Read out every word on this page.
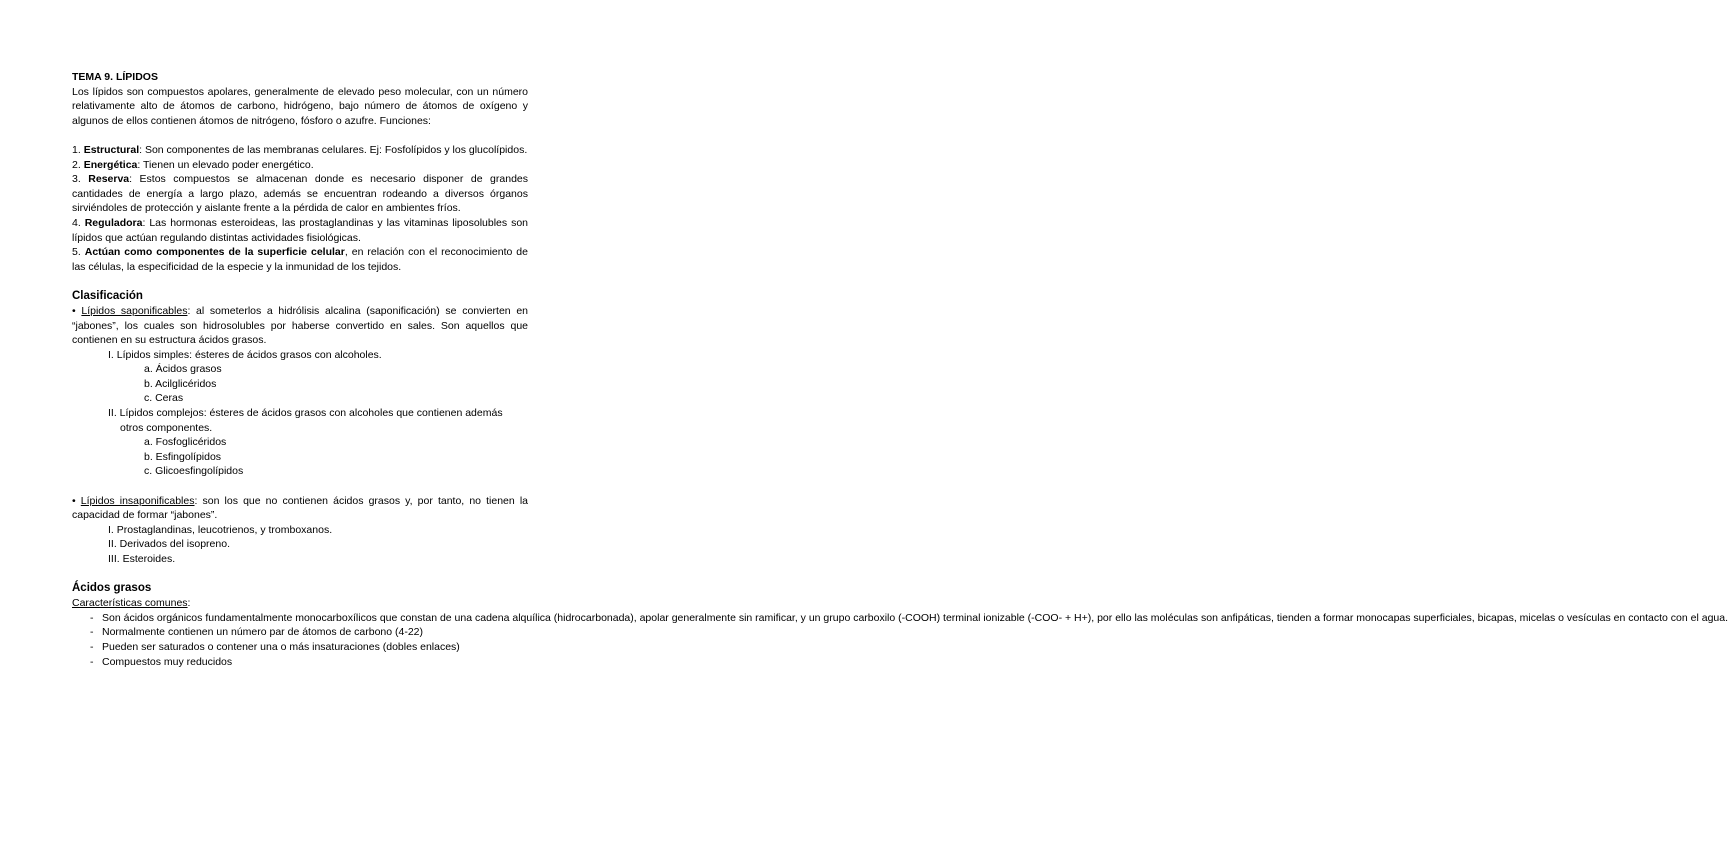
TEMA 9. LÍPIDOS

Los lípidos son compuestos apolares, generalmente de elevado peso molecular, con un número relativamente alto de átomos de carbono, hidrógeno, bajo número de átomos de oxígeno y algunos de ellos contienen átomos de nitrógeno, fósforo o azufre. Funciones:

1. Estructural: Son componentes de las membranas celulares. Ej: Fosfolípidos y los glucolípidos.

2. Energética: Tienen un elevado poder energético.

3. Reserva: Estos compuestos se almacenan donde es necesario disponer de grandes cantidades de energía a largo plazo, además se encuentran rodeando a diversos órganos sirviéndoles de protección y aislante frente a la pérdida de calor en ambientes fríos.

4. Reguladora: Las hormonas esteroideas, las prostaglandinas y las vitaminas liposolubles son lípidos que actúan regulando distintas actividades fisiológicas.

5. Actúan como componentes de la superficie celular, en relación con el reconocimiento de las células, la especificidad de la especie y la inmunidad de los tejidos.

Clasificación

• Lípidos saponificables: al someterlos a hidrólisis alcalina (saponificación) se convierten en “jabones”, los cuales son hidrosolubles por haberse convertido en sales. Son aquellos que contienen en su estructura ácidos grasos.

I. Lípidos simples: ésteres de ácidos grasos con alcoholes.

a. Ácidos grasos

b. Acilglicéridos

c. Ceras

II. Lípidos complejos: ésteres de ácidos grasos con alcoholes que contienen además

otros componentes.

a. Fosfoglicéridos

b. Esfingolípidos

c. Glicoesfingolípidos

• Lípidos insaponificables: son los que no contienen ácidos grasos y, por tanto, no tienen la capacidad de formar “jabones”.

I. Prostaglandinas, leucotrienos, y tromboxanos.

II. Derivados del isopreno.

III. Esteroides.

Ácidos grasos

Características comunes:

- Son ácidos orgánicos fundamentalmente monocarboxílicos que constan de una cadena alquílica (hidrocarbonada), apolar generalmente sin ramificar, y un grupo carboxilo (-COOH) terminal ionizable (-COO- + H+), por ello las moléculas son anfipáticas, tienden a formar monocapas superficiales, bicapas, micelas o vesículas en contacto con el agua.
- Normalmente contienen un número par de átomos de carbono (4-22)
- Pueden ser saturados o contener una o más insaturaciones (dobles enlaces)
- Compuestos muy reducidos
